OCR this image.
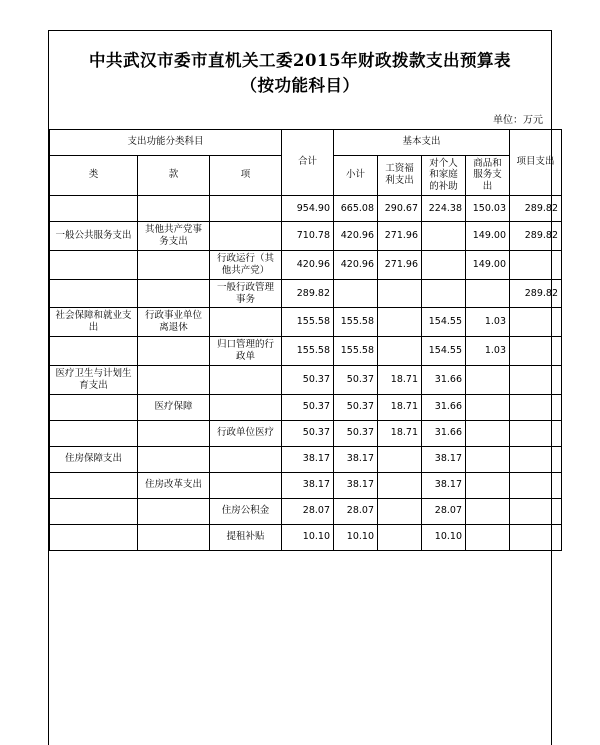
中共武汉市委市直机关工委2015年财政拨款支出预算表
（按功能科目）
单位：万元
支出功能分类科目			合计	基本支出				项目支出
类	款	项		小计	工资福利支出	对个人和家庭的补助	商品和服务支出	
			954.90	665.08	290.67	224.38	150.03	289.82
一般公共服务支出	其他共产党事务支出		710.78	420.96	271.96		149.00	289.82
		行政运行（其他共产党）	420.96	420.96	271.96		149.00	
		一般行政管理事务	289.82					289.82
社会保障和就业支出	行政事业单位离退休		155.58	155.58		154.55	1.03	
		归口管理的行政单	155.58	155.58		154.55	1.03	
医疗卫生与计划生育支出			50.37	50.37	18.71	31.66		
	医疗保障		50.37	50.37	18.71	31.66		
		行政单位医疗	50.37	50.37	18.71	31.66		
住房保障支出			38.17	38.17		38.17		
	住房改革支出		38.17	38.17		38.17		
		住房公积金	28.07	28.07		28.07		
		提租补贴	10.10	10.10		10.10		
